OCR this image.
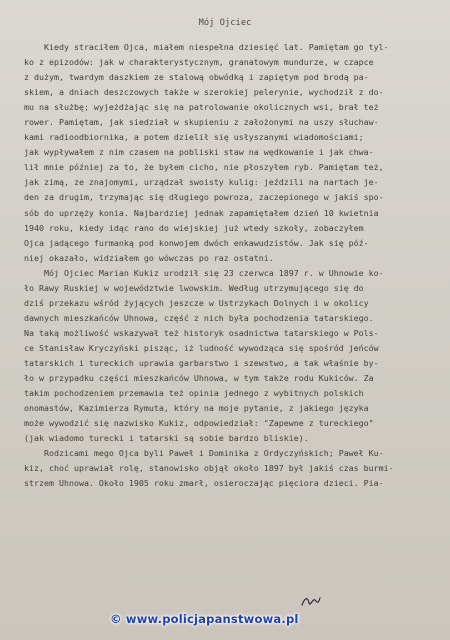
Mój Ojciec
Kiedy straciłem Ojca, miałem niespełna dziesięć lat. Pamiętam go tyl-
ko z epizodów: jak w charakterystycznym, granatowym mundurze, w czapce
z dużym, twardym daszkiem ze stalową obwódką i zapiętym pod brodą pa-
skiem, a dniach deszczowych także w szerokiej pelerynie, wychodził z do-
mu na służbę; wyjeżdżając się na patrolowanie okolicznych wsi, brał też
rower. Pamiętam, jak siedział w skupieniu z założonymi na uszy słuchaw-
kami radioodbiornika, a potem dzielił się usłyszanymi wiadomościami;
jak wypływałem z nim czasem na pobliski staw na wędkowanie i jak chwa-
lił mnie później za to, że byłem cicho, nie płoszyłem ryb. Pamiętam też,
jak zimą, ze znajomymi, urządzał swoisty kulig: jeździli na nartach je-
den za drugim, trzymając się długiego powroza, zaczepionego w jakiś spo-
sób do uprzęży konia. Najbardziej jednak zapamiętałem dzień 10 kwietnia
1940 roku, kiedy idąc rano do wiejskiej już wtedy szkoły, zobaczyłem
Ojca jadącego furmanką pod konwojem dwóch enkawudzistów. Jak się póź-
niej okazało, widziałem go wówczas po raz ostatni.
Mój Ojciec Marian Kukiz urodził się 23 czerwca 1897 r. w Uhnowie ko-
ło Rawy Ruskiej w województwie lwowskim. Według utrzymującego się do
dziś przekazu wśród żyjących jeszcze w Ustrzykach Dolnych i w okolicy
dawnych mieszkańców Uhnowa, część z nich była pochodzenia tatarskiego.
Na taką możliwość wskazywał też historyk osadnictwa tatarskiego w Pols-
ce Stanisław Kryczyński pisząc, iż ludność wywodząca się spośród jeńców
tatarskich i tureckich uprawia garbarstwo i szewstwo, a tak właśnie by-
ło w przypadku części mieszkańców Uhnowa, w tym także rodu Kukiców. Za
takim pochodzeniem przemawia też opinia jednego z wybitnych polskich
onomastów, Kazimierza Rymuta, który na moje pytanie, z jakiego języka
może wywodzić się nazwisko Kukiz, odpowiedział: "Zapewne z tureckiego"
(jak wiadomo turecki i tatarski są sobie bardzo bliskie).
Rodzicami mego Ojca byli Paweł i Dominika z Ordyczyńskich; Paweł Ku-
kiz, choć uprawiał rolę, stanowisko objął około 1897 był jakiś czas burmi-
strzem Uhnowa. Około 1905 roku zmarł, osieroczając pięciora dzieci. Pia-
© www.policjapanstwowa.pl
